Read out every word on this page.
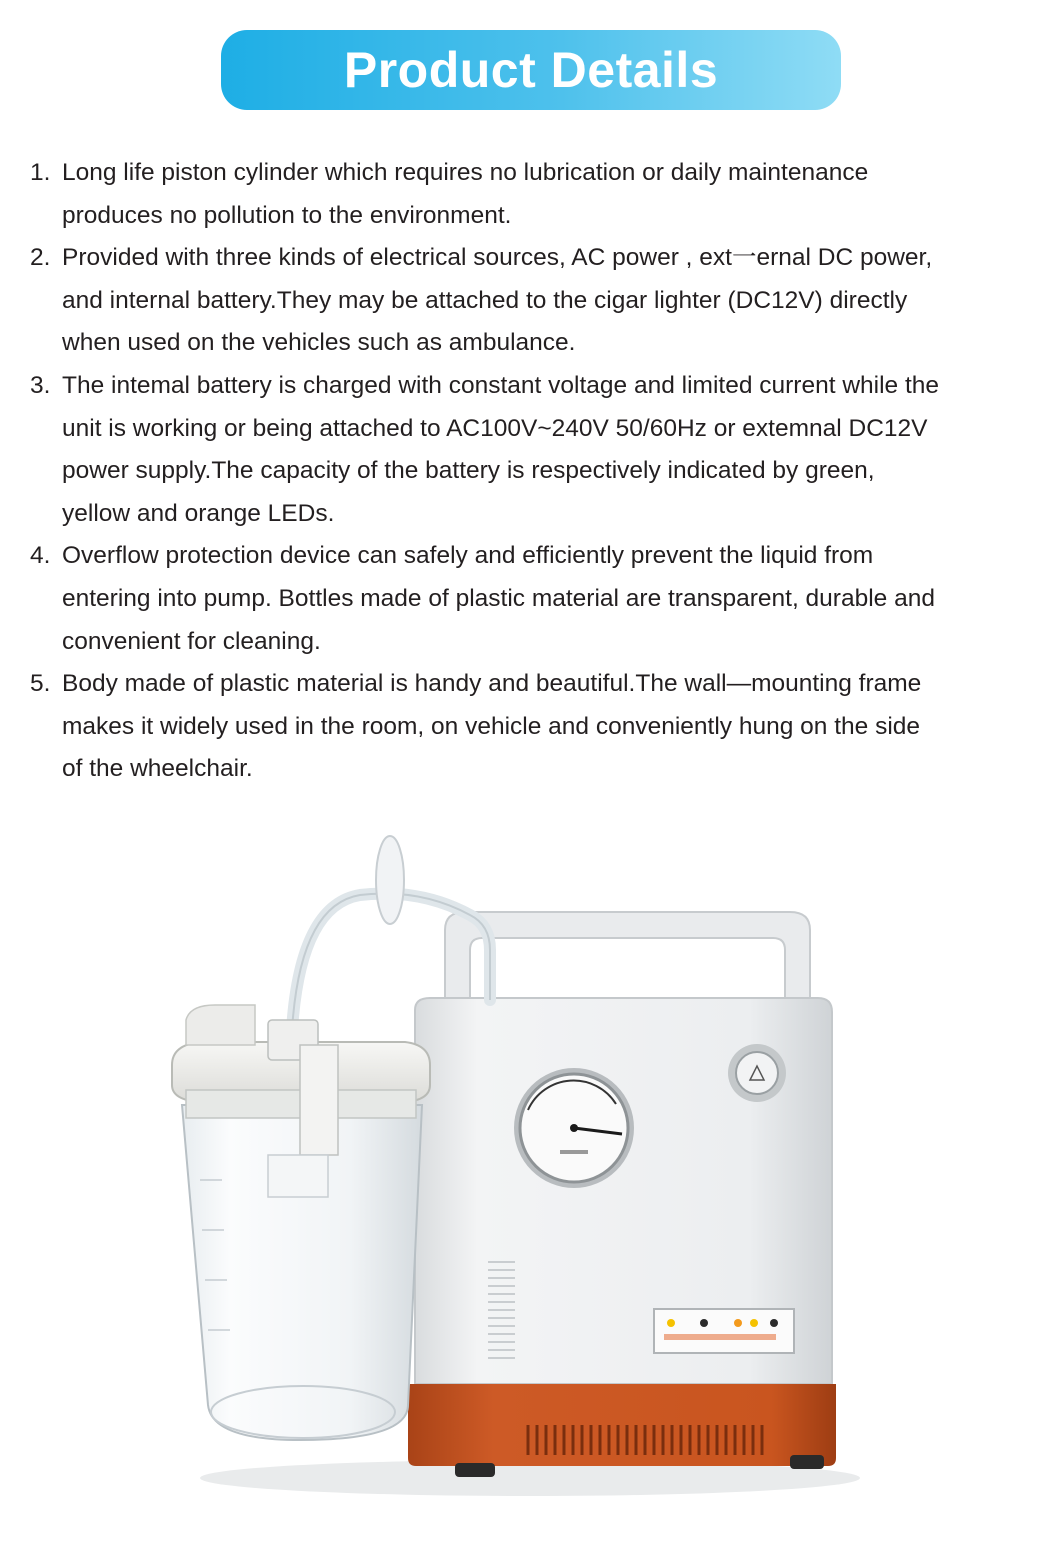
Product Details
1. Long life piston cylinder which requires no lubrication or daily maintenance
produces no pollution to the environment.
2. Provided with three kinds of electrical sources, AC power , ext一ernal DC power,
and internal battery.They may be attached to the cigar lighter (DC12V) directly
when used on the vehicles such as ambulance.
3. The intemal battery is charged with constant voltage and limited current while the
unit is working or being attached to AC100V~240V 50/60Hz or extemnal DC12V
power supply.The capacity of the battery is respectively indicated by green,
yellow and orange LEDs.
4. Overflow protection device can safely and efficiently prevent the liquid from
entering into pump. Bottles made of plastic material are transparent, durable and
convenient for cleaning.
5. Body made of plastic material is handy and beautiful.The wall—mounting frame
makes it widely used in the room, on vehicle and conveniently hung on the side
of the wheelchair.
